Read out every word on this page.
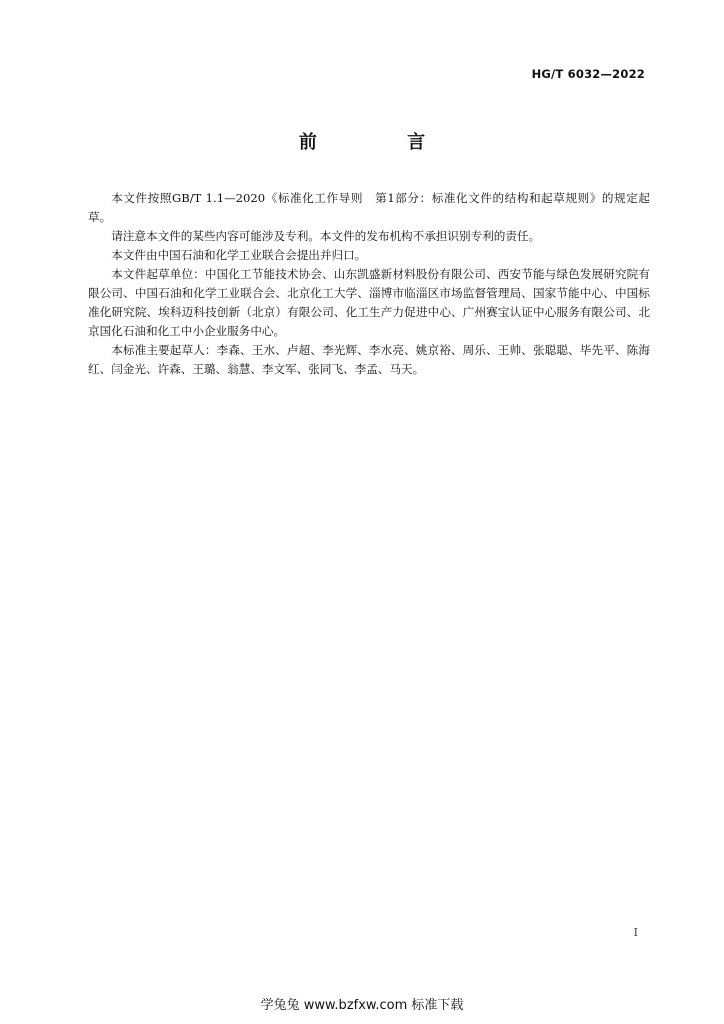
HG/T 6032—2022
前 言

本文件按照GB/T 1.1—2020《标准化工作导则　第1部分：标准化文件的结构和起草规则》的规定起草。

请注意本文件的某些内容可能涉及专利。本文件的发布机构不承担识别专利的责任。

本文件由中国石油和化学工业联合会提出并归口。

本文件起草单位：中国化工节能技术协会、山东凯盛新材料股份有限公司、西安节能与绿色发展研究院有限公司、中国石油和化学工业联合会、北京化工大学、淄博市临淄区市场监督管理局、国家节能中心、中国标准化研究院、埃科迈科技创新（北京）有限公司、化工生产力促进中心、广州赛宝认证中心服务有限公司、北京国化石油和化工中小企业服务中心。

本标准主要起草人：李森、王水、卢超、李光辉、李水亮、姚京裕、周乐、王帅、张聪聪、毕先平、陈海红、闫金光、许森、王璐、翁慧、李文军、张同飞、李孟、马天。

I
学兔兔 www.bzfxw.com 标准下载
